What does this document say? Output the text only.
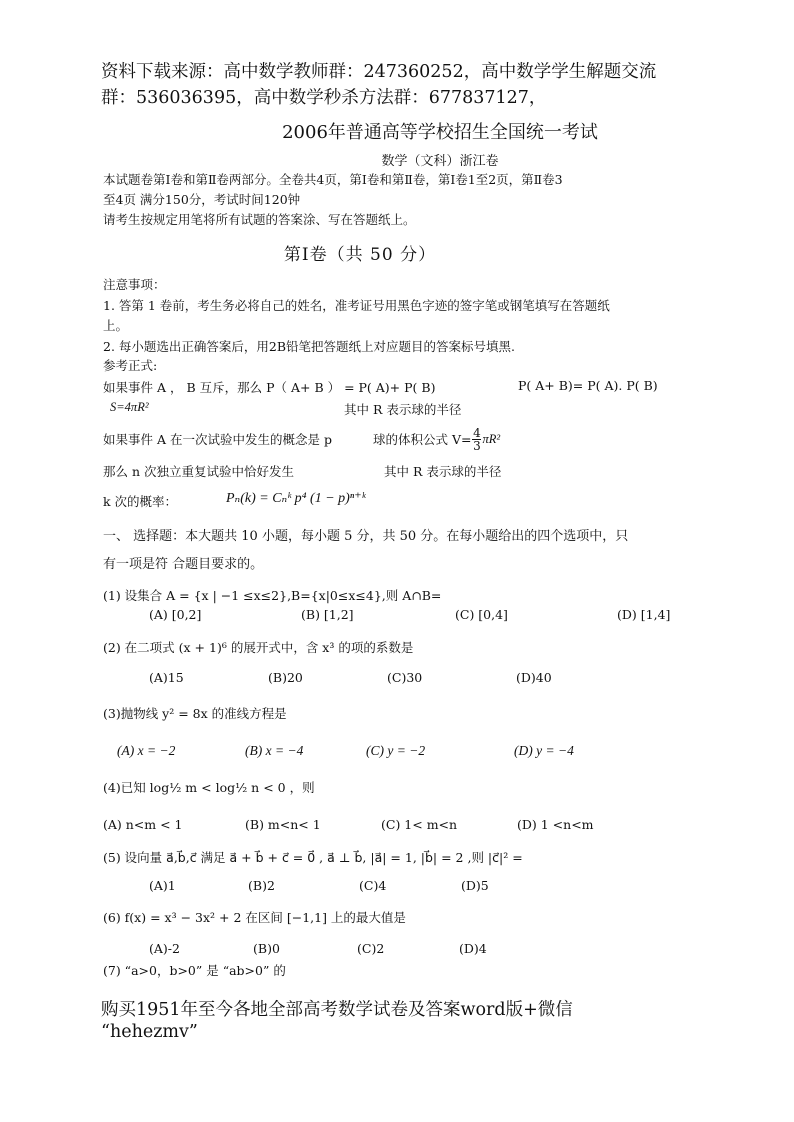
资料下载来源：高中数学教师群：247360252，高中数学学生解题交流
群：536036395，高中数学秒杀方法群：677837127，
2006年普通高等学校招生全国统一考试
数学（文科）浙江卷
本试题卷第Ⅰ卷和第Ⅱ卷两部分。全卷共4页，第Ⅰ卷和第Ⅱ卷，第Ⅰ卷1至2页，第Ⅱ卷3
至4页 满分150分，考试时间120钟
请考生按规定用笔将所有试题的答案涂、写在答题纸上。
第Ⅰ卷（共 50 分）
注意事项：
1. 答第 1 卷前，考生务必将自己的姓名，准考证号用黑色字迹的签字笔或钢笔填写在答题纸
上。
2. 每小题选出正确答案后，用2B铅笔把答题纸上对应题目的答案标号填黑.
参考正式:
如果事件 A ， B 互斥，那么 P（ A+ B ） = P( A)+ P( B)	P( A+ B)= P( A). P( B)
S=4πR²	其中 R 表示球的半径
如果事件 A 在一次试验中发生的概念是 p	球的体积公式 $V= \frac{4}{3} \pi R^2$
那么 n 次独立重复试验中恰好发生	其中 R 表示球的半径
k 次的概率：	Pₙ(k) = Cₙᵏ p⁴ (1 − p)ⁿ⁺ᵏ
一、 选择题：本大题共 10 小题，每小题 5 分，共 50 分。在每小题给出的四个选项中，只
有一项是符 合题目要求的。
(1) 设集合 A = {x | −1 ≤x≤2},B={x|0≤x≤4},则 A∩B=
(A) [0,2]	(B) [1,2]	(C) [0,4]	(D) [1,4]
(2) 在二项式 (x + 1)⁶ 的展开式中，含 x³ 的项的系数是
(A)15	(B)20	(C)30	(D)40
(3)抛物线 y² = 8x 的准线方程是
(A) x = −2	(B) x = −4	(C) y = −2	(D) y = −4
(4)已知 log½ m < log½ n < 0 ，则
(A) n<m < 1	(B) m<n< 1	(C) 1< m<n	(D) 1 <n<m
(5) 设向量 a⃗,b⃗,c⃗ 满足 a⃗ + b⃗ + c⃗ = 0⃗ , a⃗ ⊥ b⃗, |a⃗| = 1, |b⃗| = 2 ,则 |c⃗|² =
(A)1	(B)2	(C)4	(D)5
(6) f(x) = x³ − 3x² + 2 在区间 [−1,1] 上的最大值是
(A)-2	(B)0	(C)2	(D)4
(7) “a>0，b>0” 是 “ab>0” 的
购买1951年至今各地全部高考数学试卷及答案word版+微信
“hehezmv”
